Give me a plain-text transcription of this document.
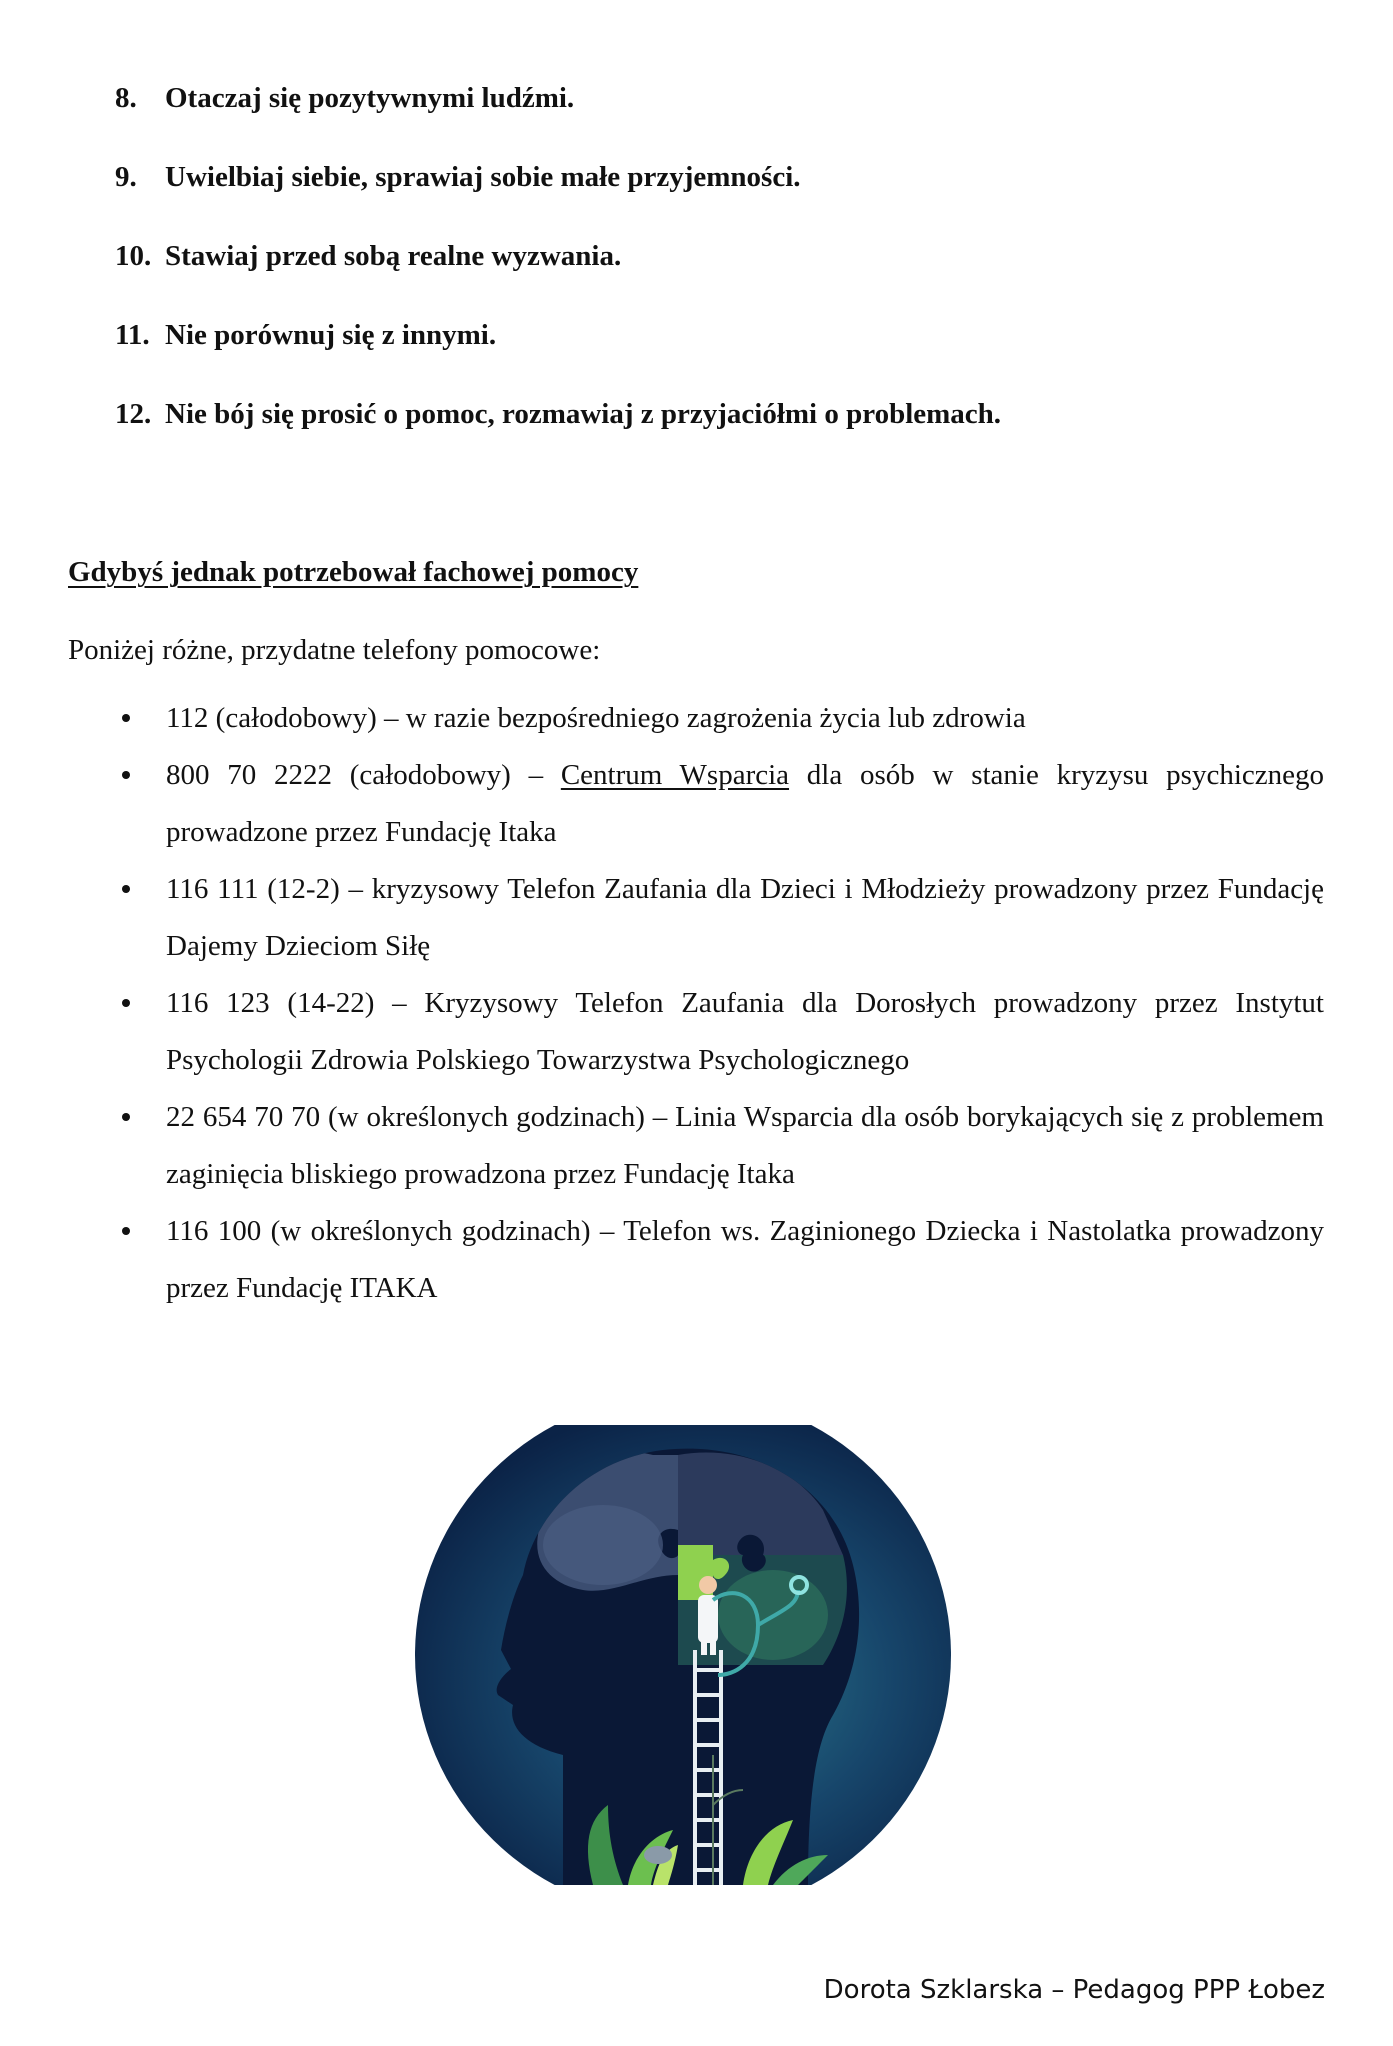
8. Otaczaj się pozytywnymi ludźmi.
9. Uwielbiaj siebie, sprawiaj sobie małe przyjemności.
10. Stawiaj przed sobą realne wyzwania.
11. Nie porównuj się z innymi.
12. Nie bój się prosić o pomoc, rozmawiaj z przyjaciółmi o problemach.
Gdybyś jednak potrzebował fachowej pomocy
Poniżej różne, przydatne telefony pomocowe:
112 (całodobowy) – w razie bezpośredniego zagrożenia życia lub zdrowia
800 70 2222 (całodobowy) – Centrum Wsparcia dla osób w stanie kryzysu psychicznego prowadzone przez Fundację Itaka
116 111 (12-2) – kryzysowy Telefon Zaufania dla Dzieci i Młodzieży prowadzony przez Fundację Dajemy Dzieciom Siłę
116 123 (14-22) – Kryzysowy Telefon Zaufania dla Dorosłych prowadzony przez Instytut Psychologii Zdrowia Polskiego Towarzystwa Psychologicznego
22 654 70 70 (w określonych godzinach) – Linia Wsparcia dla osób borykających się z problemem zaginięcia bliskiego prowadzona przez Fundację Itaka
116 100 (w określonych godzinach) – Telefon ws. Zaginionego Dziecka i Nastolatka prowadzony przez Fundację ITAKA
Dorota Szklarska – Pedagog PPP Łobez
